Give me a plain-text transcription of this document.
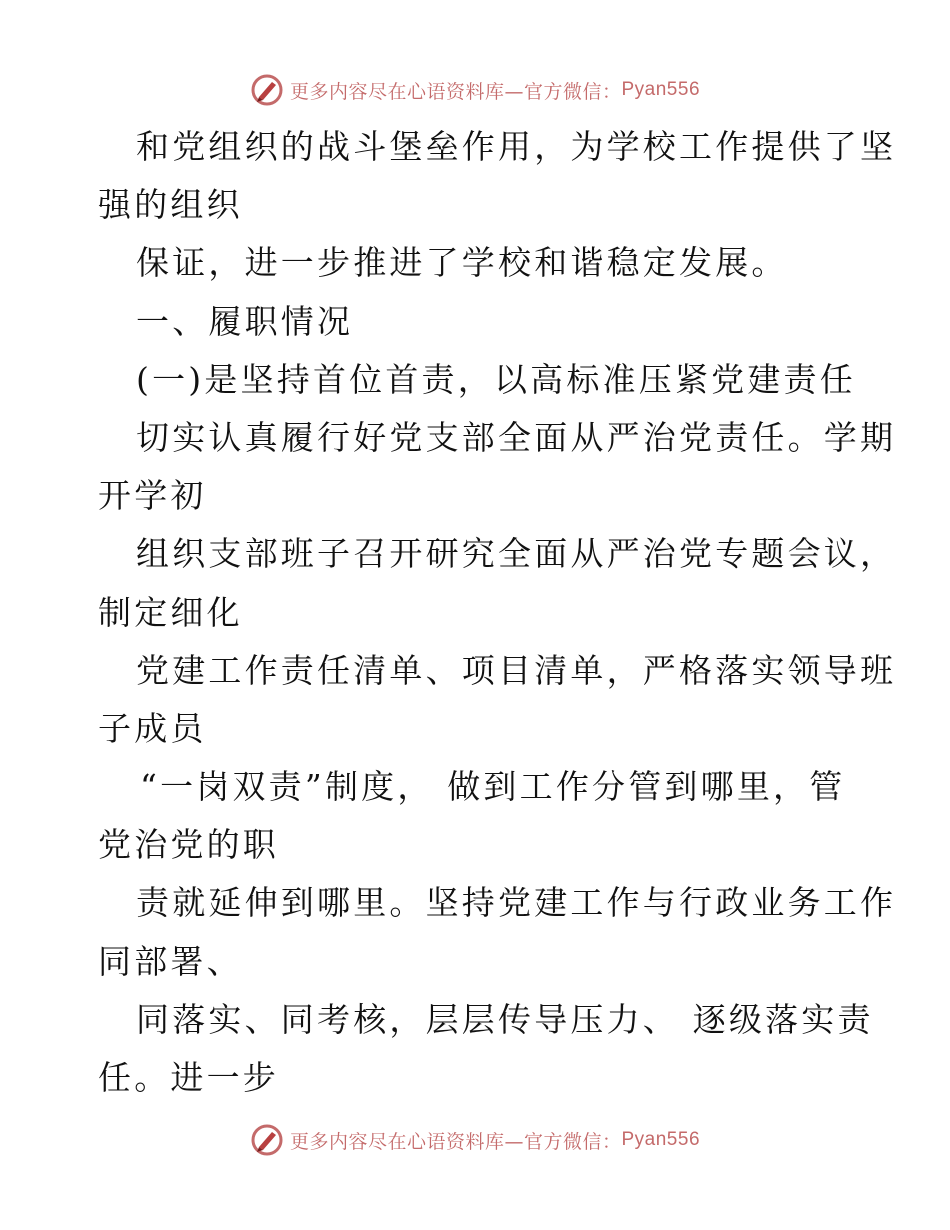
更多内容尽在心语资料库—官方微信： Pyan556
和党组织的战斗堡垒作用，为学校工作提供了坚
强的组织
保证，进一步推进了学校和谐稳定发展。
一、履职情况
(一)是坚持首位首责，以高标准压紧党建责任
切实认真履行好党支部全面从严治党责任。学期
开学初
组织支部班子召开研究全面从严治党专题会议，
制定细化
党建工作责任清单、项目清单，严格落实领导班
子成员
“一岗双责”制度， 做到工作分管到哪里，管
党治党的职
责就延伸到哪里。坚持党建工作与行政业务工作
同部署、
同落实、同考核，层层传导压力、 逐级落实责
任。进一步
更多内容尽在心语资料库—官方微信： Pyan556
